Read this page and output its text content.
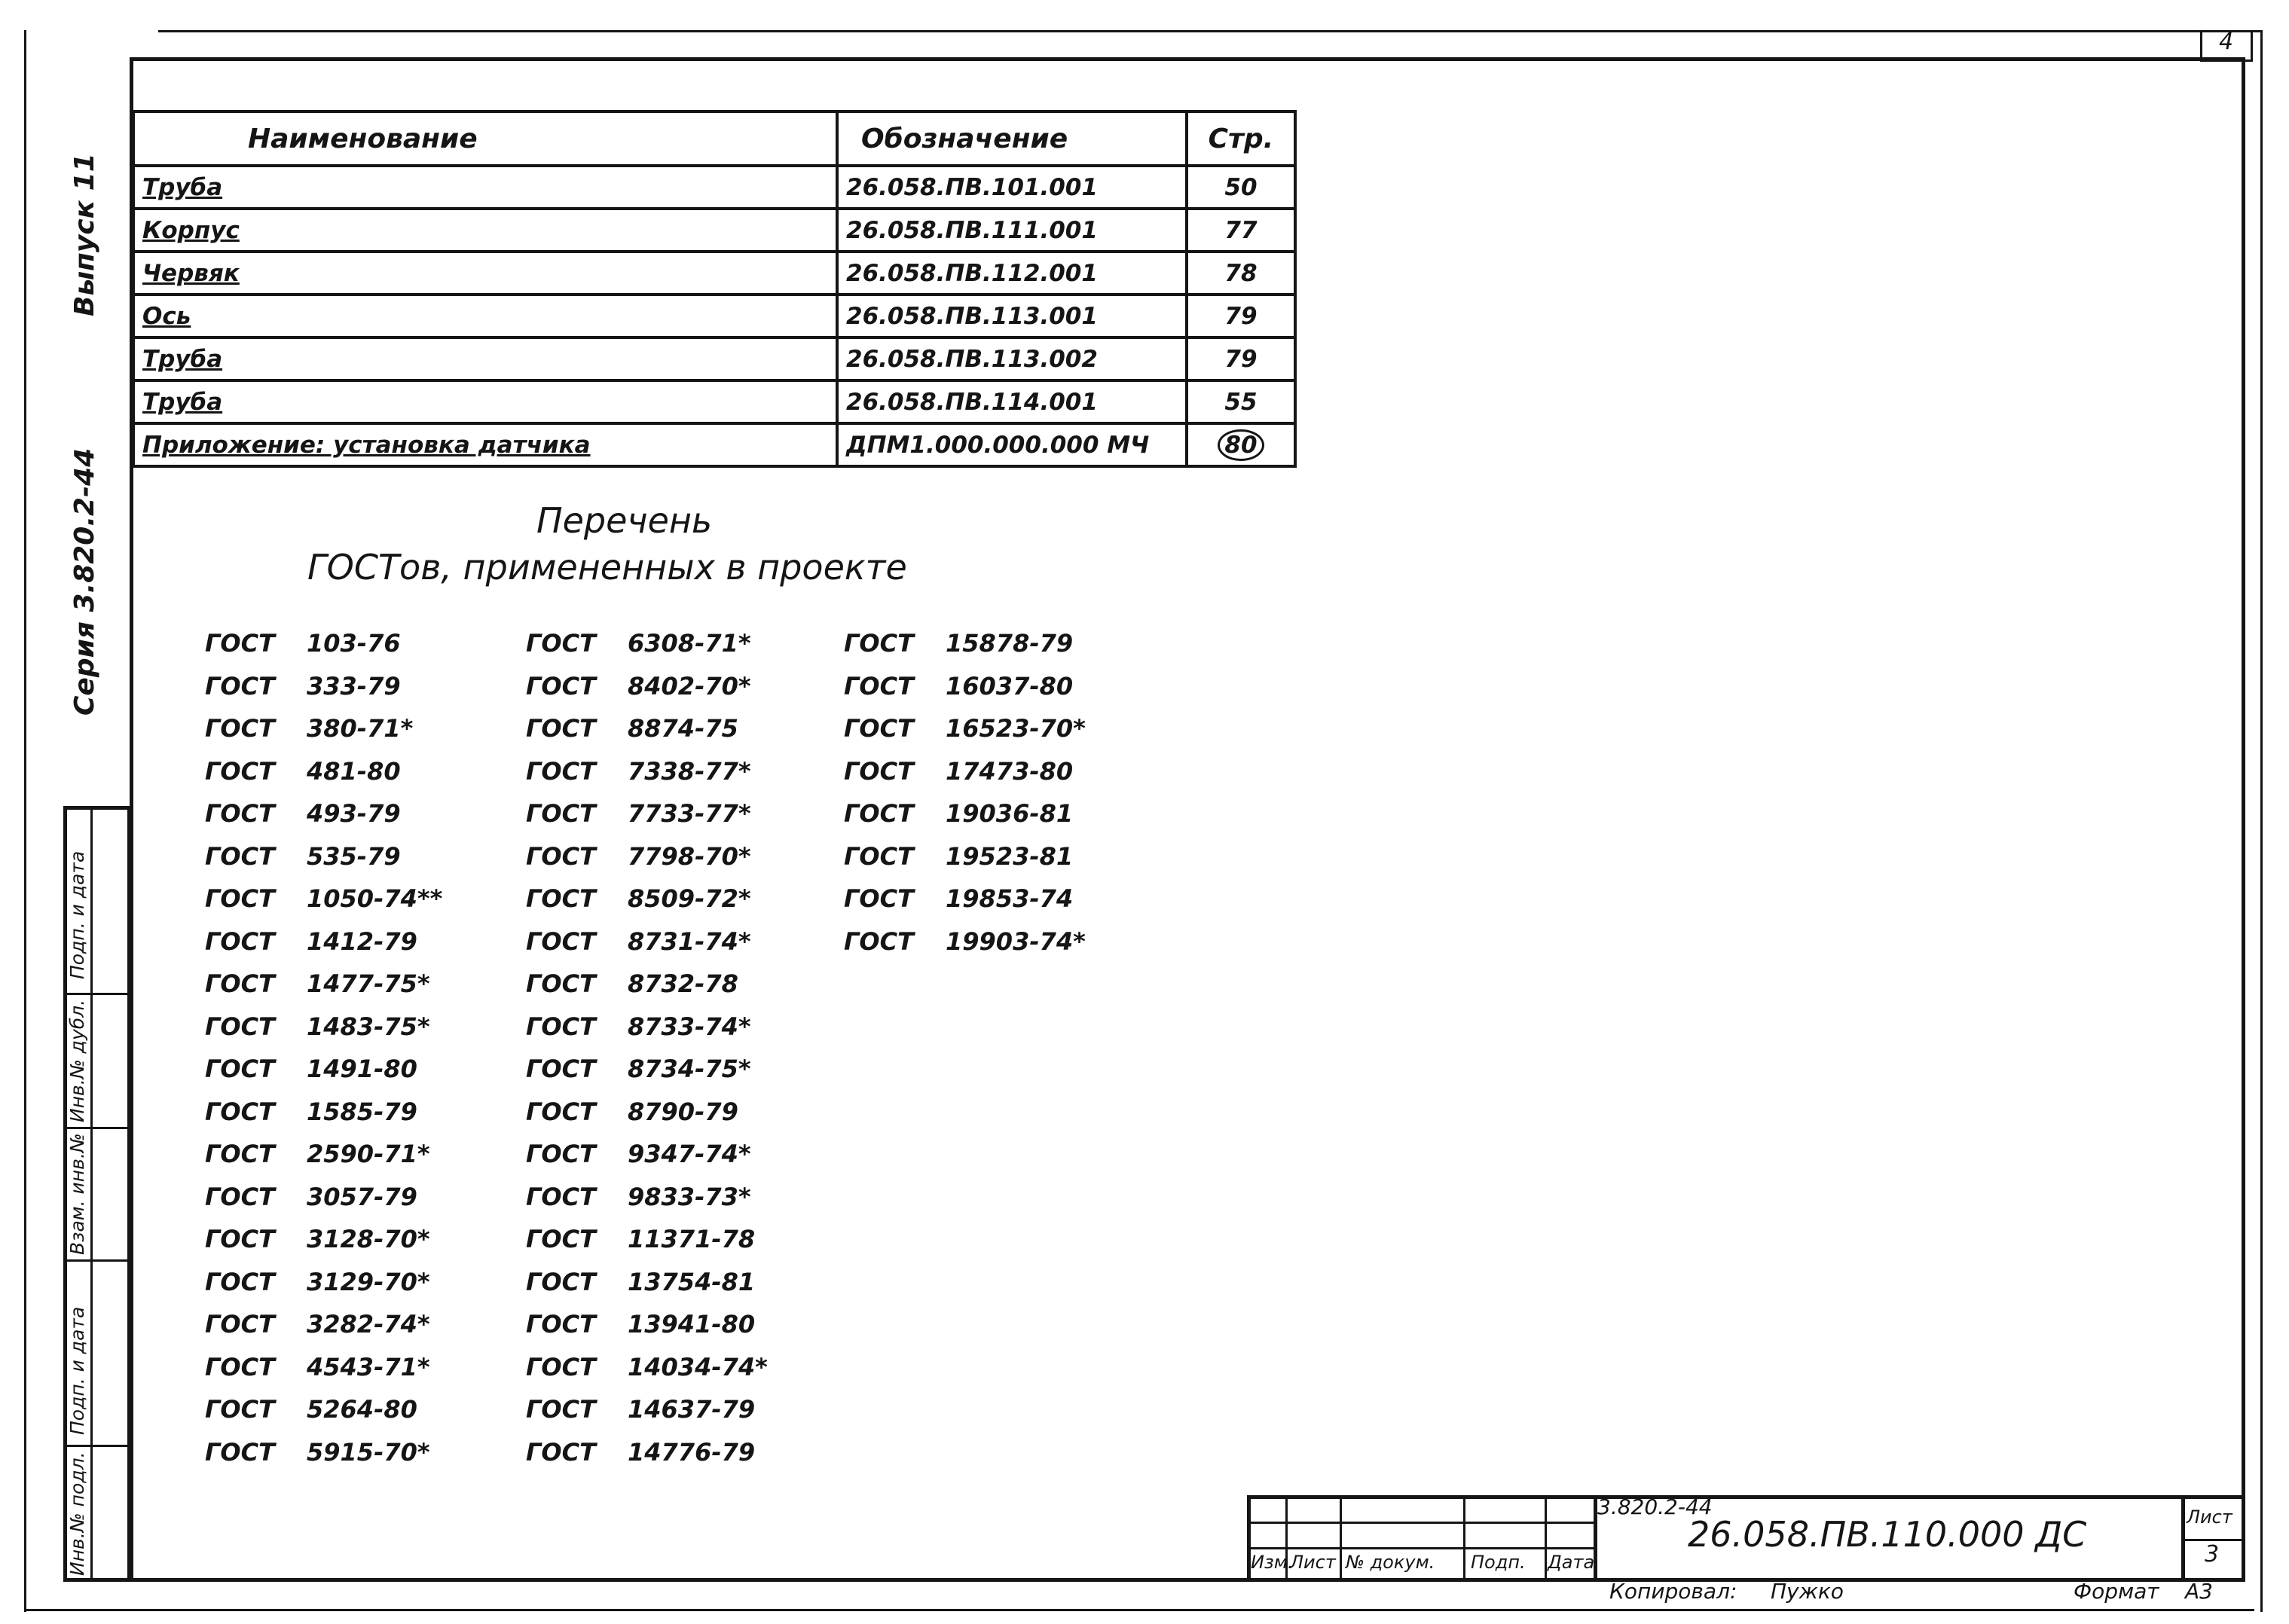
4
Выпуск 11
Серия 3.820.2-44
Подп. и дата
Инв.№ дубл.
Взам. инв.№
Подп. и дата
Инв.№ подл.
Наименование	Обозначение	Стр.
Труба	26.058.ПВ.101.001	50
Корпус	26.058.ПВ.111.001	77
Червяк	26.058.ПВ.112.001	78
Ось	26.058.ПВ.113.001	79
Труба	26.058.ПВ.113.002	79
Труба	26.058.ПВ.114.001	55
Приложение: установка датчика	ДПМ1.000.000.000 МЧ	80
Перечень
ГОСТов, примененных в проекте
ГОСТ	103-76
ГОСТ	333-79
ГОСТ	380-71*
ГОСТ	481-80
ГОСТ	493-79
ГОСТ	535-79
ГОСТ	1050-74**
ГОСТ	1412-79
ГОСТ	1477-75*
ГОСТ	1483-75*
ГОСТ	1491-80
ГОСТ	1585-79
ГОСТ	2590-71*
ГОСТ	3057-79
ГОСТ	3128-70*
ГОСТ	3129-70*
ГОСТ	3282-74*
ГОСТ	4543-71*
ГОСТ	5264-80
ГОСТ	5915-70*
ГОСТ	6308-71*
ГОСТ	8402-70*
ГОСТ	8874-75
ГОСТ	7338-77*
ГОСТ	7733-77*
ГОСТ	7798-70*
ГОСТ	8509-72*
ГОСТ	8731-74*
ГОСТ	8732-78
ГОСТ	8733-74*
ГОСТ	8734-75*
ГОСТ	8790-79
ГОСТ	9347-74*
ГОСТ	9833-73*
ГОСТ	11371-78
ГОСТ	13754-81
ГОСТ	13941-80
ГОСТ	14034-74*
ГОСТ	14637-79
ГОСТ	14776-79
ГОСТ	15878-79
ГОСТ	16037-80
ГОСТ	16523-70*
ГОСТ	17473-80
ГОСТ	19036-81
ГОСТ	19523-81
ГОСТ	19853-74
ГОСТ	19903-74*
Изм.
Лист № докум. Подп. Дата
3.820.2-44
26.058.ПВ.110.000 ДС	Лист
3
Копировал: Пужко	Формат А3
